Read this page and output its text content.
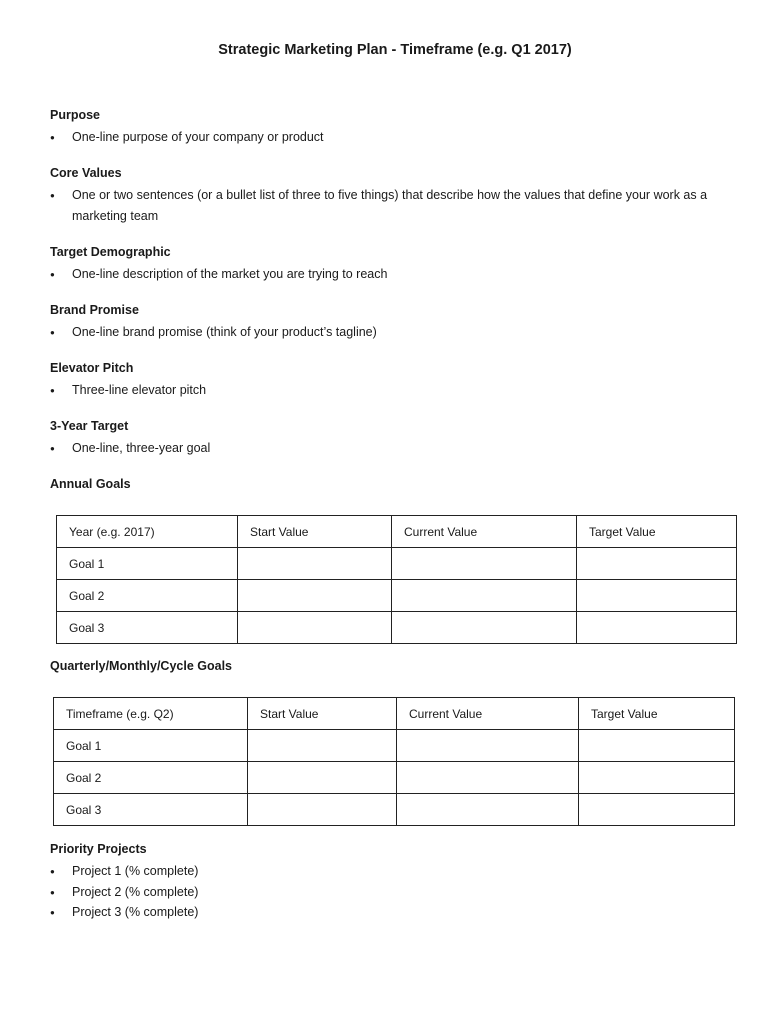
Strategic Marketing Plan - Timeframe (e.g. Q1 2017)
Purpose
● One-line purpose of your company or product
Core Values
● One or two sentences (or a bullet list of three to five things) that describe how the values that define your work as a marketing team
Target Demographic
● One-line description of the market you are trying to reach
Brand Promise
● One-line brand promise (think of your product’s tagline)
Elevator Pitch
● Three-line elevator pitch
3-Year Target
● One-line, three-year goal
Annual Goals
Year (e.g. 2017)	Start Value	Current Value	Target Value
Goal 1			
Goal 2			
Goal 3			
Quarterly/Monthly/Cycle Goals
Timeframe (e.g. Q2)	Start Value	Current Value	Target Value
Goal 1			
Goal 2			
Goal 3			
Priority Projects
● Project 1 (% complete)
● Project 2 (% complete)
● Project 3 (% complete)
